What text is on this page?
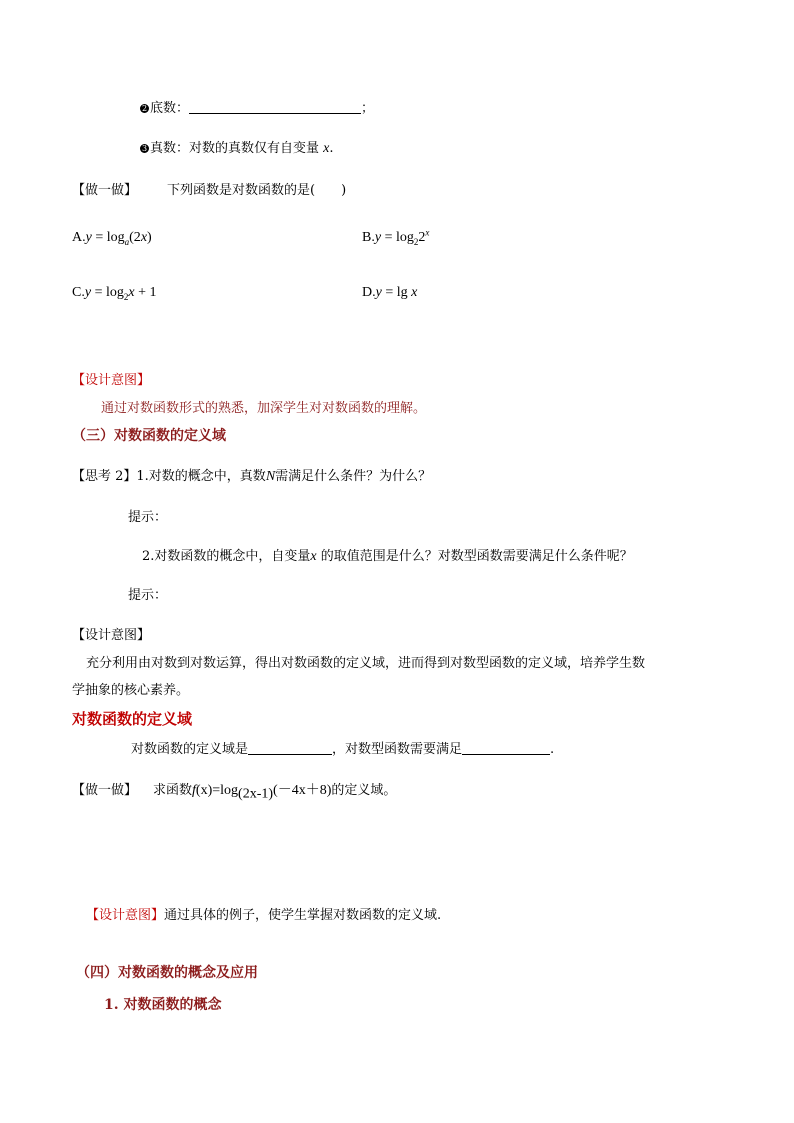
2 底数：	；
3 真数：对数的真数仅有自变量 x.
【做一做】 下列函数是对数函数的是(　　)
$A.y = \log_a(2x)$	$B.y = \log_22^x$
$C.y = \log_2x + 1$	D.y = lg x
【设计意图】
通过对数函数形式的熟悉，加深学生对对数函数的理解。
（三）对数函数的定义域
【思考 2】1.对数的概念中，真数N需满足什么条件？为什么？
提示：
2.对数函数的概念中，自变量x 的取值范围是什么？对数型函数需要满足什么条件呢？
提示：
【设计意图】
充分利用由对数到对数运算，得出对数函数的定义域，进而得到对数型函数的定义域，培养学生数
学抽象的核心素养。
对数函数的定义域
对数函数的定义域是	，对数型函数需要满足	.
【做一做】 求函数$f(x)=\log_{(2x-1)}(-4x+8)$的定义域。
【设计意图】通过具体的例子，使学生掌握对数函数的定义域.
（四）对数函数的概念及应用
1. 对数函数的概念
